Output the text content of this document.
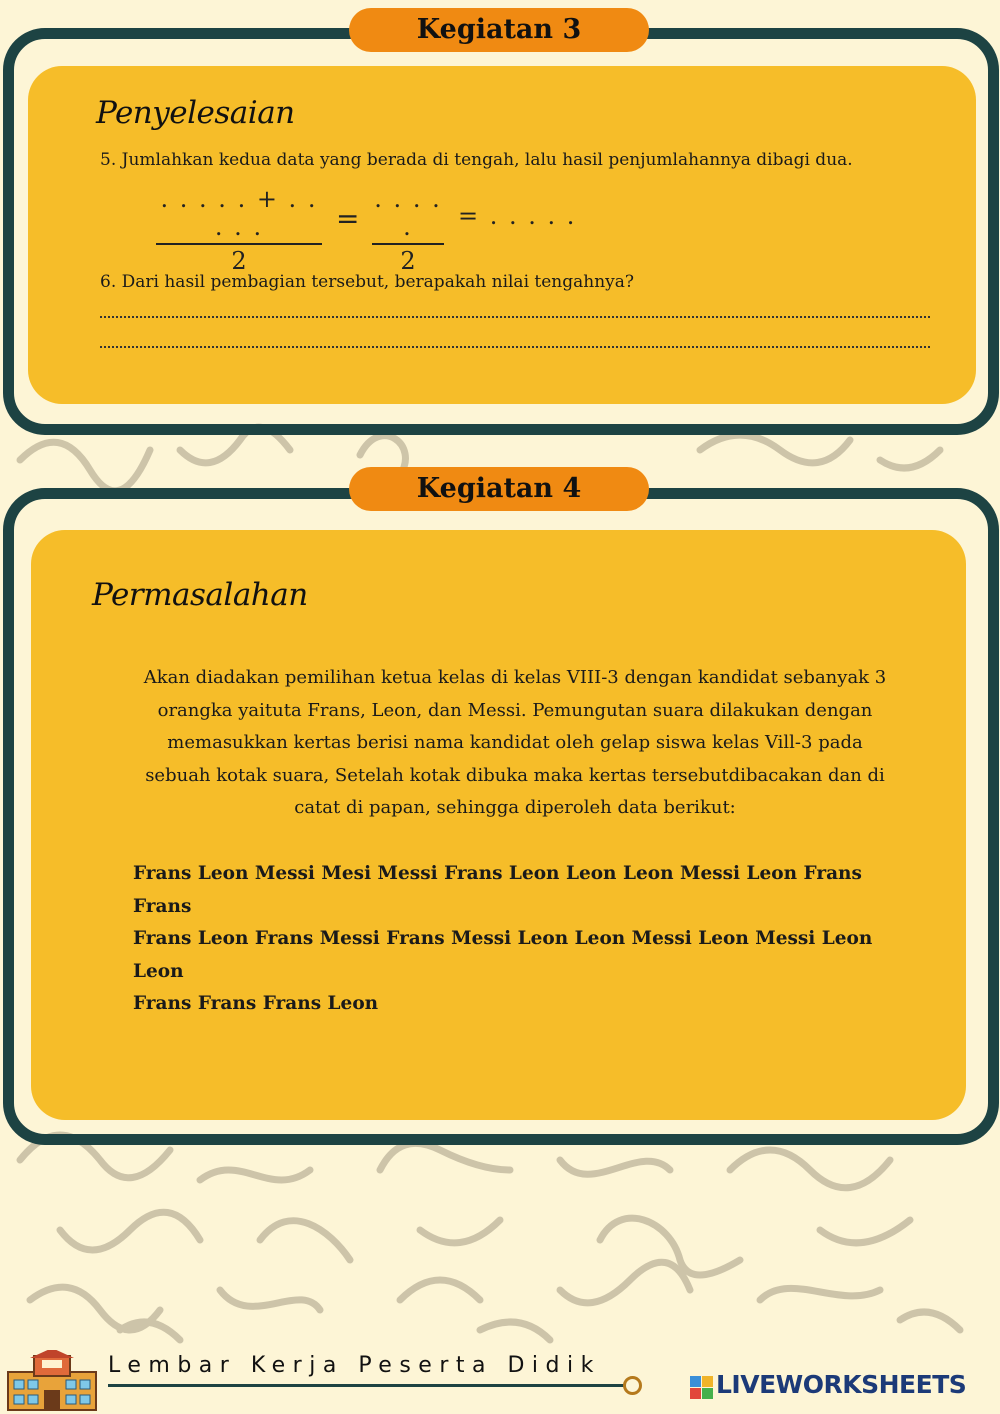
Kegiatan 3
Penyelesaian
5. Jumlahkan kedua data yang berada di tengah, lalu hasil penjumlahannya dibagi dua.
. . . . . + . . . . .
2
=
. . . . .
2
= . . . . .
6. Dari hasil pembagian tersebut, berapakah nilai tengahnya?
Kegiatan 4
Permasalahan
Akan diadakan pemilihan ketua kelas di kelas VIII-3 dengan kandidat sebanyak 3
orangka yaituta Frans, Leon, dan Messi. Pemungutan suara dilakukan dengan
memasukkan kertas berisi nama kandidat oleh gelap siswa kelas Vill-3 pada
sebuah kotak suara, Setelah kotak dibuka maka kertas tersebutdibacakan dan di
catat di papan, sehingga diperoleh data berikut:
Frans Leon Messi Mesi Messi Frans Leon Leon Leon Messi Leon Frans Frans
Frans Leon Frans Messi Frans Messi Leon Leon Messi Leon Messi Leon Leon
Frans Frans Frans Leon
Lembar Kerja Peserta Didik
LIVEWORKSHEETS
